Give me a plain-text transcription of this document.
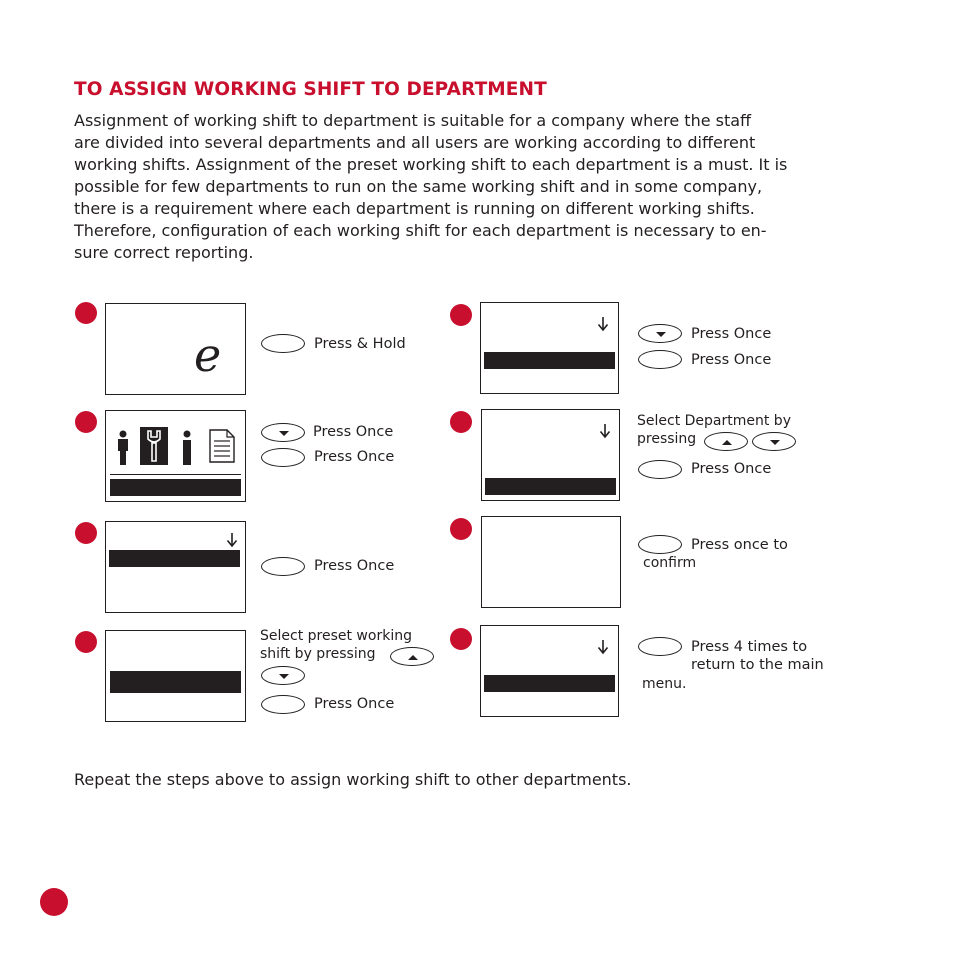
TO ASSIGN WORKING SHIFT TO DEPARTMENT
Assignment of working shift to department is suitable for a company where the staff
are divided into several departments and all users are working according to different
working shifts. Assignment of the preset working shift to each department is a must. It is
possible for few departments to run on the same working shift and in some company,
there is a requirement where each department is running on different working shifts.
Therefore, configuration of each working shift for each department is necessary to en-
sure correct reporting.
e	Press & Hold
Press Once
Press Once
Press Once
Select preset working
shift by pressing
Press Once
Press Once
Press Once
Select Department by
pressing
Press Once
Press once to
confirm
Press 4 times to
return to the main
menu.
Repeat the steps above to assign working shift to other departments.
